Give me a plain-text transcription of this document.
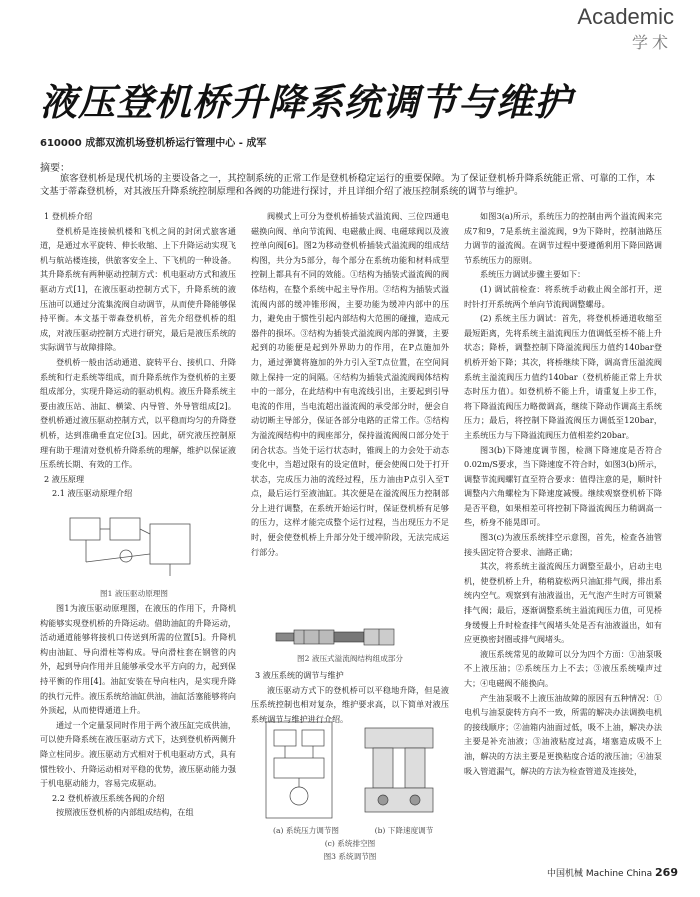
Academic
学术
液压登机桥升降系统调节与维护
610000 成都双流机场登机桥运行管理中心 - 成军
摘要：
旅客登机桥是现代机场的主要设备之一，其控制系统的正常工作是登机桥稳定运行的重要保障。为了保证登机桥升降系统能正常、可靠的工作，本文基于蒂森登机桥，对其液压升降系统控制原理和各阀的功能进行探讨，并且详细介绍了液压控制系统的调节与维护。

1 登机桥介绍

登机桥是连接候机楼和飞机之间的封闭式旅客通道，是通过水平旋转、伸长收缩、上下升降运动实现飞机与航站楼连接，供旅客安全上、下飞机的一种设备。其升降系统有两种驱动控制方式：机电驱动方式和液压驱动方式[1]，在液压驱动控制方式下，升降系统的液压油可以通过分流集流阀自动调节，从而使升降能够保持平衡。本文基于蒂森登机桥，首先介绍登机桥的组成，对液压驱动控制方式进行研究，最后是液压系统的实际调节与故障排除。

登机桥一般由活动通道、旋转平台、接机口、升降系统和行走系统等组成，而升降系统作为登机桥的主要组成部分，实现升降运动的驱动机构。液压升降系统主要由液压站、油缸、横梁、内导管、外导管组成[2]。登机桥通过液压驱动控制方式，以平稳而均匀的升降登机桥，达到准确垂直定位[3]。因此，研究液压控制原理有助于理清对登机桥升降系统的理解，维护以保证液压系统长期、有效的工作。

2 液压原理

2.1 液压驱动原理介绍

图1 液压驱动原理图

图1为液压驱动原理图，在液压的作用下，升降机构能够实现登机桥的升降运动。借助油缸的升降运动，活动通道能够将接机口传送到所需的位置[5]。升降机构由油缸、导向滑柱等构成。导向滑柱套在钢管的内外，起到导向作用并且能够承受水平方向的力，起到保持平衡的作用[4]。油缸安装在导向柱内，是实现升降的执行元件。液压系统给油缸供油，油缸活塞能够将向外顶起，从而使得通道上升。

通过一个定量泵同时作用于两个液压缸完成供油，可以使升降系统在液压驱动方式下，达到登机桥两侧升降立柱同步。液压驱动方式相对于机电驱动方式，具有惯性较小、升降运动相对平稳的优势，液压驱动能力强于机电驱动能力，容易完成驱动。

2.2 登机桥液压系统各阀的介绍

按照液压登机桥的内部组成结构，在组

阀模式上可分为登机桥插装式溢流阀、三位四通电磁换向阀、单向节流阀、电磁截止阀、电磁球阀以及液控单向阀[6]。图2为移动登机桥插装式溢流阀的组成结构图，共分为5部分，每个部分在系统功能和材料成型控制上都具有不同的效能。①结构为插装式溢流阀的阀体结构，在整个系统中起主导作用。②结构为插装式溢流阀内部的缓冲锥形阀，主要功能为缓冲内部中的压力，避免由于惯性引起内部结构大范围的碰撞，造成元器件的损坏。③结构为插装式溢流阀内部的弹簧，主要起到的功能便是起到外界助力的作用，在P点施加外力，通过弹簧将施加的外力引入至T点位置，在空间间隙上保持一定的间隔。④结构为插装式溢流阀阀体结构中的一部分，在此结构中有电流线引出，主要起到引导电流的作用，当电流超出溢流阀的承受部分时，便会自动切断主导部分，保证各部分电路的正常工作。⑤结构为溢流阀结构中的阀座部分，保持溢流阀阀口部分处于闭合状态。当处于运行状态时，锥阀上的力会处于动态变化中，当超过限有的设定值时，便会使阀口处于打开状态，完成压力油的流经过程，压力油由P点引入至T点，最后运行至液油缸。其次便是在溢流阀压力控制部分上进行调整，在系统开始运行时，保证登机桥有足够的压力，这样才能完成整个运行过程，当出现压力不足时，便会使登机桥上升部分处于缓冲阶段，无法完成运行部分。

图2 液压式溢流阀结构组成部分

3 液压系统的调节与维护

液压驱动方式下的登机桥可以平稳地升降，但是液压系统控制也相对复杂，维护要求高，以下简单对液压系统调节与维护进行介绍。

(a) 系统压力调节图	(b) 下降速度调节
(c) 系统排空图
图3 系统调节图

如图3(a)所示，系统压力的控制由两个溢流阀来完成7和9，7是系统主溢流阀，9为下降时，控制油路压力调节的溢流阀。在调节过程中要遵循利用下降回路调节系统压力的原则。

系统压力调试步骤主要如下：

(1) 调试前检查：将系统手动截止阀全部打开，逆时针打开系统两个单向节流阀调整螺母。

(2) 系统主压力调试：首先，将登机桥通道收缩至最短距离，先将系统主溢流阀压力值调低至桥不能上升状态；降桥，调整控制下降溢流阀压力值约140bar登机桥开始下降；其次，将桥继续下降，调高背压溢流阀系统主溢流阀压力值约140bar（登机桥能正常上升状态时压力值）。如登机桥不能上升，请重复上步工作，将下降溢流阀压力略微调高，继续下降动作调高主系统压力；最后，将控制下降溢流阀压力调低至120bar，主系统压力与下降溢流阀压力值相差约20bar。

图3(b)下降速度调节图，检测下降速度是否符合0.02m/S要求，当下降速度不符合时，如图3(b)所示，调整节流阀螺钉直至符合要求：值得注意的是，顺时针调整内六角螺栓为下降速度减慢。继续观察登机桥下降是否平稳，如果相差可将控制下降溢流阀压力稍调高一些，桥身不能晃即可。

图3(c)为液压系统排空示意图，首先，检查各油管接头固定符合要求、油路正确；

其次，将系统主溢流阀压力调整至最小，启动主电机，使登机桥上升，稍稍旋松两只油缸排气阀，排出系统内空气。观察到有油液溢出，无气泡产生时方可锁紧排气阀；最后，逐渐调整系统主溢流阀压力值，可见桥身缓慢上升时检查排气阀堵头处是否有油液溢出，如有应更换密封圈或排气阀堵头。

液压系统常见的故障可以分为四个方面：①油泵吸不上液压油；②系统压力上不去；③液压系统噪声过大；④电磁阀不能换向。

产生油泵吸不上液压油故障的原因有五种情况：①电机与油泵旋转方向不一致，所需的解决办法调换电机的接线顺序；②油箱内油面过低，吸不上油，解决办法主要是补充油液；③油液粘度过高，堵塞造成吸不上油，解决的方法主要是更换粘度合适的液压油；④油泵吸入管道漏气，解决的方法为检查管道及连接处，

中国机械 Machine China 269
